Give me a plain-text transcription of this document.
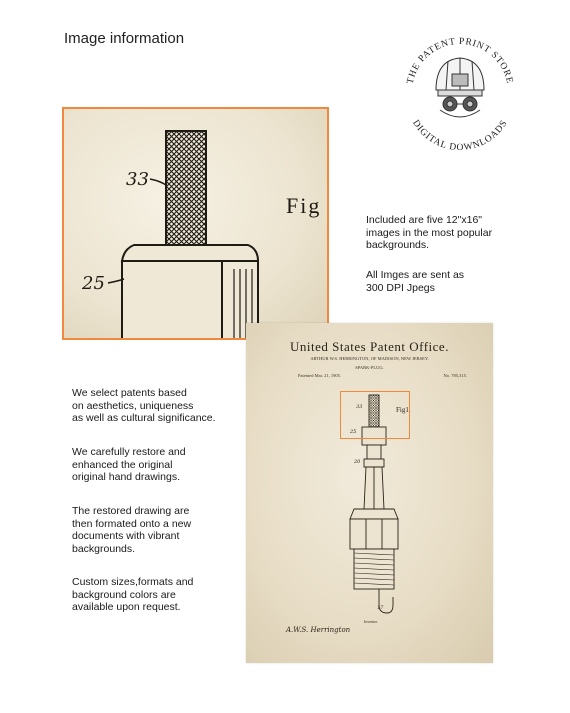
Image information
THE PATENT PRINT STORE
DIGITAL DOWNLOADS
33
25
Fig
Included are five 12"x16"
images in the most popular
backgrounds.
All Imges are sent as
300 DPI Jpegs
We select patents based
on aesthetics, uniqueness
as well as cultural significance.
We carefully restore and
enhanced the original
original hand drawings.
The restored drawing are
then formated onto a new
documents with vibrant
backgrounds.
Custom sizes,formats and
background colors are
available upon request.
United States Patent Office.
ARTHUR W.S. HERRINGTON, OF MADISON, NEW JERSEY.
SPARK-PLUG.
Patented Mar. 21, 1905.	No. 785,315.
33
25
20
17
Fig1.
Inventor
A.W.S. Herrington
